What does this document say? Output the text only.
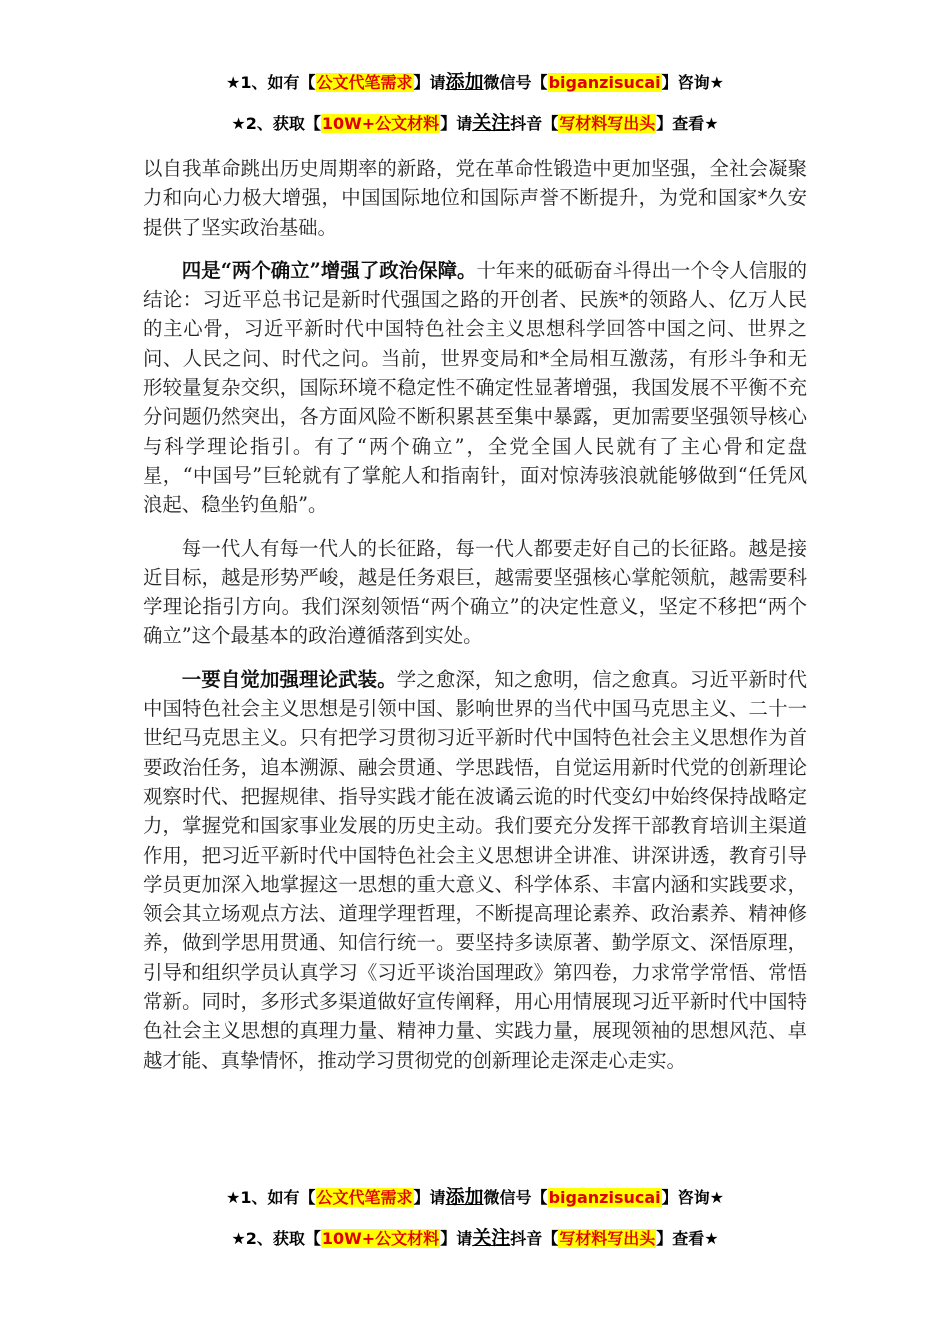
★1、如有【公文代笔需求】请添加微信号【biganzisucai】咨询★
★2、获取【10W+公文材料】请关注抖音【写材料写出头】查看★

以自我革命跳出历史周期率的新路，党在革命性锻造中更加坚强，全社会凝聚力和向心力极大增强，中国国际地位和国际声誉不断提升，为党和国家*久安提供了坚实政治基础。

四是“两个确立”增强了政治保障。十年来的砥砺奋斗得出一个令人信服的结论：习近平总书记是新时代强国之路的开创者、民族*的领路人、亿万人民的主心骨，习近平新时代中国特色社会主义思想科学回答中国之问、世界之问、人民之问、时代之问。当前，世界变局和*全局相互激荡，有形斗争和无形较量复杂交织，国际环境不稳定性不确定性显著增强，我国发展不平衡不充分问题仍然突出，各方面风险不断积累甚至集中暴露，更加需要坚强领导核心与科学理论指引。有了“两个确立”，全党全国人民就有了主心骨和定盘星，“中国号”巨轮就有了掌舵人和指南针，面对惊涛骇浪就能够做到“任凭风浪起、稳坐钓鱼船”。

每一代人有每一代人的长征路，每一代人都要走好自己的长征路。越是接近目标，越是形势严峻，越是任务艰巨，越需要坚强核心掌舵领航，越需要科学理论指引方向。我们深刻领悟“两个确立”的决定性意义，坚定不移把“两个确立”这个最基本的政治遵循落到实处。

一要自觉加强理论武装。学之愈深，知之愈明，信之愈真。习近平新时代中国特色社会主义思想是引领中国、影响世界的当代中国马克思主义、二十一世纪马克思主义。只有把学习贯彻习近平新时代中国特色社会主义思想作为首要政治任务，追本溯源、融会贯通、学思践悟，自觉运用新时代党的创新理论观察时代、把握规律、指导实践才能在波谲云诡的时代变幻中始终保持战略定力，掌握党和国家事业发展的历史主动。我们要充分发挥干部教育培训主渠道作用，把习近平新时代中国特色社会主义思想讲全讲准、讲深讲透，教育引导学员更加深入地掌握这一思想的重大意义、科学体系、丰富内涵和实践要求，领会其立场观点方法、道理学理哲理，不断提高理论素养、政治素养、精神修养，做到学思用贯通、知信行统一。要坚持多读原著、勤学原文、深悟原理，引导和组织学员认真学习《习近平谈治国理政》第四卷，力求常学常悟、常悟常新。同时，多形式多渠道做好宣传阐释，用心用情展现习近平新时代中国特色社会主义思想的真理力量、精神力量、实践力量，展现领袖的思想风范、卓越才能、真挚情怀，推动学习贯彻党的创新理论走深走心走实。

★1、如有【公文代笔需求】请添加微信号【biganzisucai】咨询★
★2、获取【10W+公文材料】请关注抖音【写材料写出头】查看★
